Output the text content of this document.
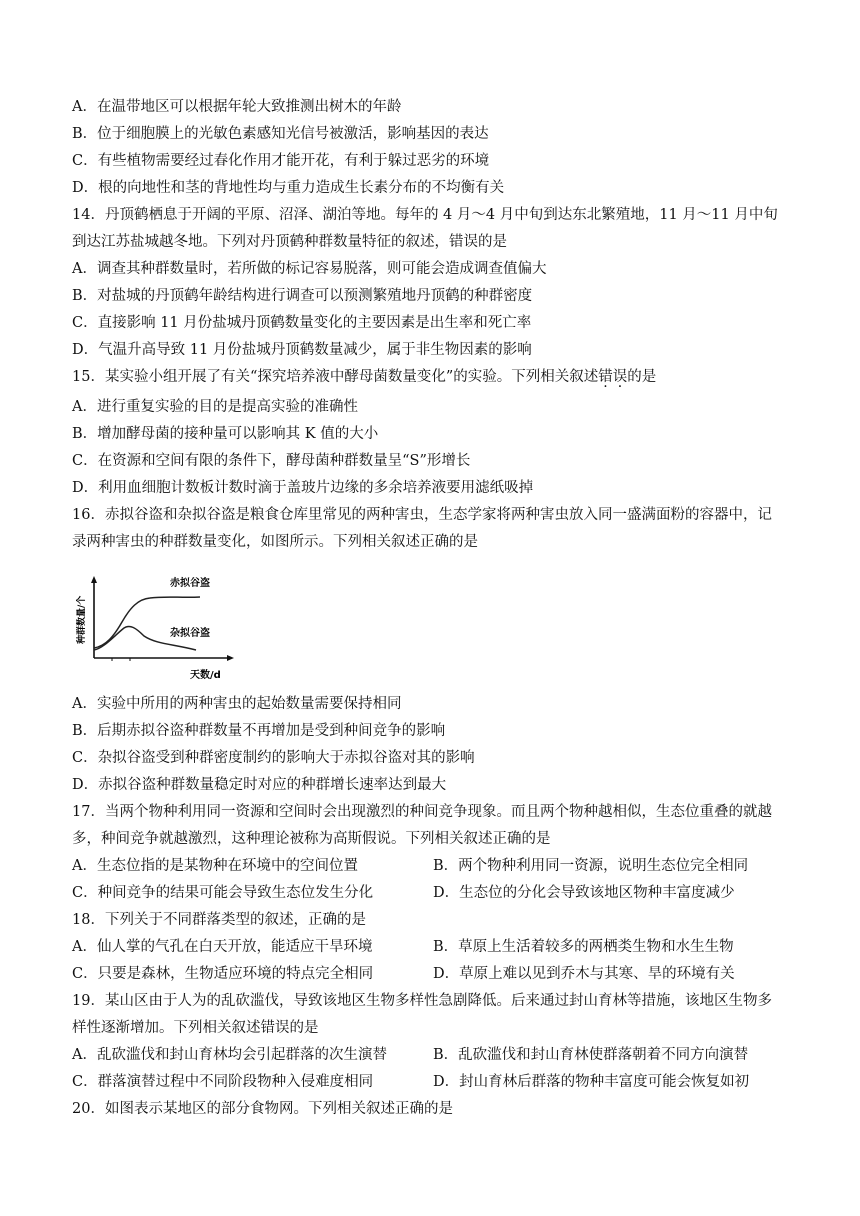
A．在温带地区可以根据年轮大致推测出树木的年龄
B．位于细胞膜上的光敏色素感知光信号被激活，影响基因的表达
C．有些植物需要经过春化作用才能开花，有利于躲过恶劣的环境
D．根的向地性和茎的背地性均与重力造成生长素分布的不均衡有关
14．丹顶鹤栖息于开阔的平原、沼泽、湖泊等地。每年的 4 月～4 月中旬到达东北繁殖地，11 月～11 月中旬
到达江苏盐城越冬地。下列对丹顶鹤种群数量特征的叙述，错误的是
A．调查其种群数量时，若所做的标记容易脱落，则可能会造成调查值偏大
B．对盐城的丹顶鹤年龄结构进行调查可以预测繁殖地丹顶鹤的种群密度
C．直接影响 11 月份盐城丹顶鹤数量变化的主要因素是出生率和死亡率
D．气温升高导致 11 月份盐城丹顶鹤数量减少，属于非生物因素的影响
15．某实验小组开展了有关“探究培养液中酵母菌数量变化”的实验。下列相关叙述错误的是
A．进行重复实验的目的是提高实验的准确性
B．增加酵母菌的接种量可以影响其 K 值的大小
C．在资源和空间有限的条件下，酵母菌种群数量呈“S”形增长
D．利用血细胞计数板计数时滴于盖玻片边缘的多余培养液要用滤纸吸掉
16．赤拟谷盗和杂拟谷盗是粮食仓库里常见的两种害虫，生态学家将两种害虫放入同一盛满面粉的容器中，记
录两种害虫的种群数量变化，如图所示。下列相关叙述正确的是
赤拟谷盗
杂拟谷盗
天数/d
种群数量/个
A．实验中所用的两种害虫的起始数量需要保持相同
B．后期赤拟谷盗种群数量不再增加是受到种间竞争的影响
C．杂拟谷盗受到种群密度制约的影响大于赤拟谷盗对其的影响
D．赤拟谷盗种群数量稳定时对应的种群增长速率达到最大
17．当两个物种利用同一资源和空间时会出现激烈的种间竞争现象。而且两个物种越相似，生态位重叠的就越
多，种间竞争就越激烈，这种理论被称为高斯假说。下列相关叙述正确的是
A．生态位指的是某物种在环境中的空间位置	B．两个物种利用同一资源，说明生态位完全相同
C．种间竞争的结果可能会导致生态位发生分化	D．生态位的分化会导致该地区物种丰富度减少
18．下列关于不同群落类型的叙述，正确的是
A．仙人掌的气孔在白天开放，能适应干旱环境	B．草原上生活着较多的两栖类生物和水生生物
C．只要是森林，生物适应环境的特点完全相同	D．草原上难以见到乔木与其寒、旱的环境有关
19．某山区由于人为的乱砍滥伐，导致该地区生物多样性急剧降低。后来通过封山育林等措施，该地区生物多
样性逐渐增加。下列相关叙述错误的是
A．乱砍滥伐和封山育林均会引起群落的次生演替	B．乱砍滥伐和封山育林使群落朝着不同方向演替
C．群落演替过程中不同阶段物种入侵难度相同	D．封山育林后群落的物种丰富度可能会恢复如初
20．如图表示某地区的部分食物网。下列相关叙述正确的是
